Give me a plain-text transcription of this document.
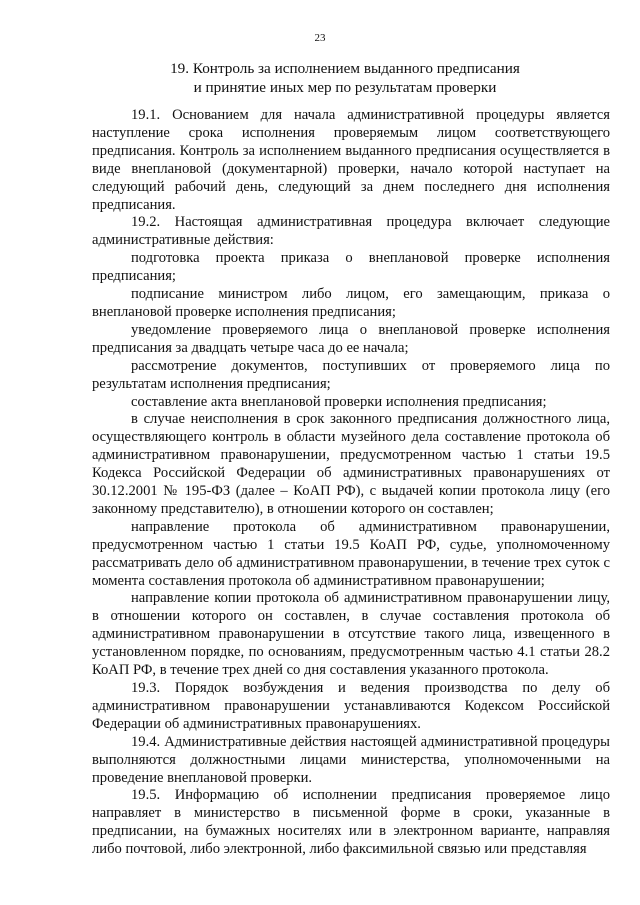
23
19. Контроль за исполнением выданного предписания
и принятие иных мер по результатам проверки

19.1. Основанием для начала административной процедуры является наступление срока исполнения проверяемым лицом соответствующего предписания. Контроль за исполнением выданного предписания осуществляется в виде внеплановой (документарной) проверки, начало которой наступает на следующий рабочий день, следующий за днем последнего дня исполнения предписания.

19.2. Настоящая административная процедура включает следующие административные действия:

подготовка проекта приказа о внеплановой проверке исполнения предписания;

подписание министром либо лицом, его замещающим, приказа о внеплановой проверке исполнения предписания;

уведомление проверяемого лица о внеплановой проверке исполнения предписания за двадцать четыре часа до ее начала;

рассмотрение документов, поступивших от проверяемого лица по результатам исполнения предписания;

составление акта внеплановой проверки исполнения предписания;

в случае неисполнения в срок законного предписания должностного лица, осуществляющего контроль в области музейного дела составление протокола об административном правонарушении, предусмотренном частью 1 статьи 19.5 Кодекса Российской Федерации об административных правонарушениях от 30.12.2001 № 195-ФЗ (далее – КоАП РФ), с выдачей копии протокола лицу (его законному представителю), в отношении которого он составлен;

направление протокола об административном правонарушении, предусмотренном частью 1 статьи 19.5 КоАП РФ, судье, уполномоченному рассматривать дело об административном правонарушении, в течение трех суток с момента составления протокола об административном правонарушении;

направление копии протокола об административном правонарушении лицу, в отношении которого он составлен, в случае составления протокола об административном правонарушении в отсутствие такого лица, извещенного в установленном порядке, по основаниям, предусмотренным частью 4.1 статьи 28.2 КоАП РФ, в течение трех дней со дня составления указанного протокола.

19.3. Порядок возбуждения и ведения производства по делу об административном правонарушении устанавливаются Кодексом Российской Федерации об административных правонарушениях.

19.4. Административные действия настоящей административной процедуры выполняются должностными лицами министерства, уполномоченными на проведение внеплановой проверки.

19.5. Информацию об исполнении предписания проверяемое лицо направляет в министерство в письменной форме в сроки, указанные в предписании, на бумажных носителях или в электронном варианте, направляя либо почтовой, либо электронной, либо факсимильной связью или представляя
